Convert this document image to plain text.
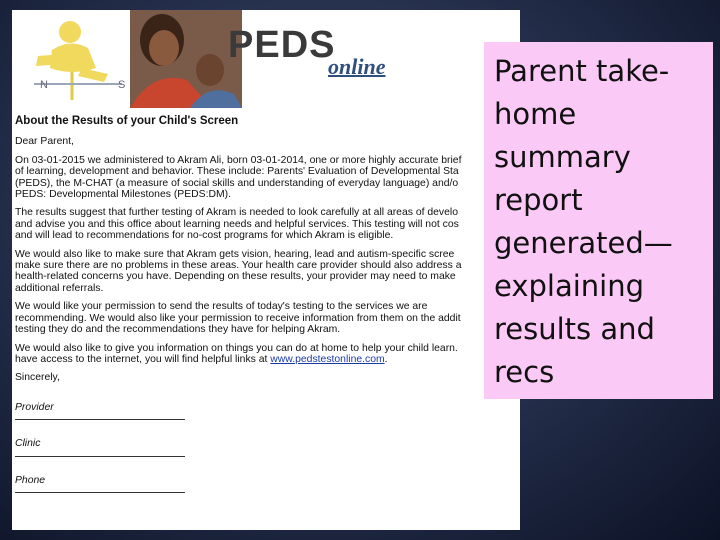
N	S
PEDS
online
About the Results of your Child's Screen

Dear Parent,

On 03-01-2015 we administered to Akram Ali, born 03-01-2014, one or more highly accurate brief
of learning, development and behavior. These include: Parents' Evaluation of Developmental Sta
(PEDS), the M-CHAT (a measure of social skills and understanding of everyday language) and/o
PEDS: Developmental Milestones (PEDS:DM).

The results suggest that further testing of Akram is needed to look carefully at all areas of develo
and advise you and this office about learning needs and helpful services. This testing will not cos
and will lead to recommendations for no-cost programs for which Akram is eligible.

We would also like to make sure that Akram gets vision, hearing, lead and autism-specific scree
make sure there are no problems in these areas. Your health care provider should also address a
health-related concerns you have. Depending on these results, your provider may need to make
additional referrals.

We would like your permission to send the results of today's testing to the services we are
recommending. We would also like your permission to receive information from them on the addit
testing they do and the recommendations they have for helping Akram.

We would also like to give you information on things you can do at home to help your child learn.
have access to the internet, you will find helpful links at www.pedstestonline.com.

Sincerely,

Provider
Clinic
Phone
Parent take-
home
summary
report
generated—
explaining
results and
recs
